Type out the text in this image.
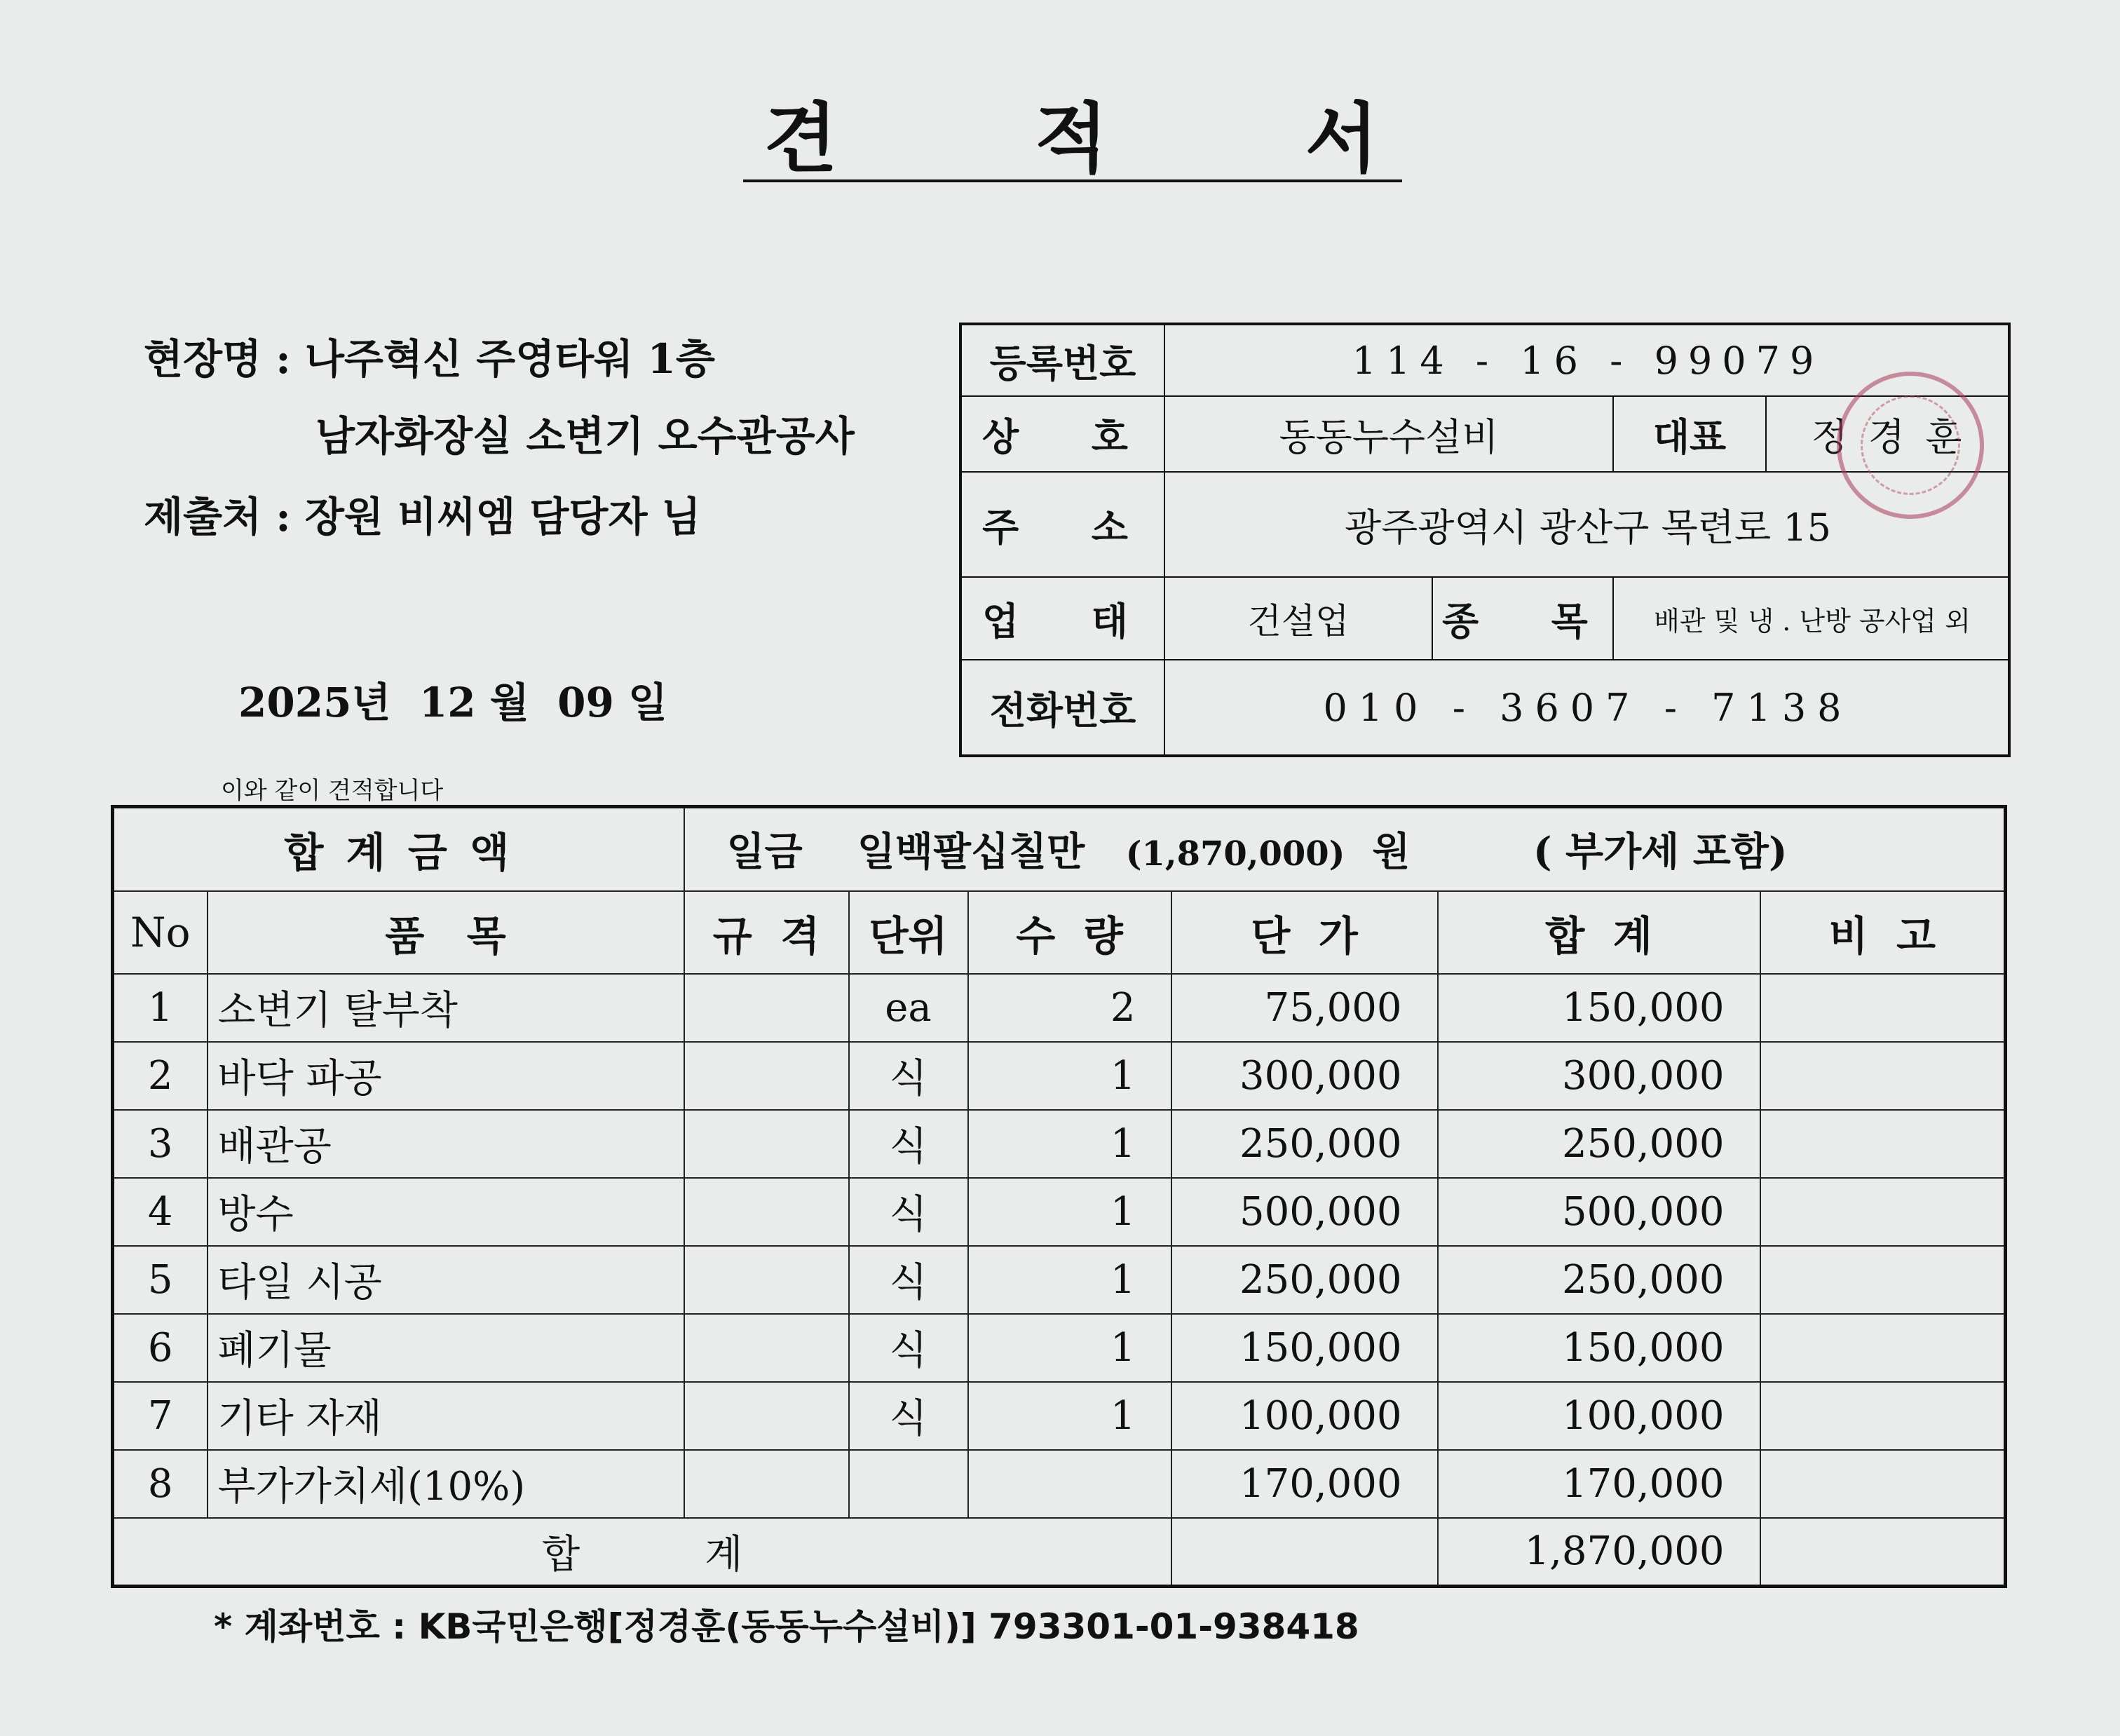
견	적	서
현장명 : 나주혁신 주영타워 1층
남자화장실 소변기 오수관공사
제출처 : 장원 비씨엠 담당자 님
2025년  12 월  09 일
이와 같이 견적합니다
등록번호	114 - 16 - 99079
상  호	동동누수설비	대표	정 경 훈
주  소	광주광역시 광산구 목련로 15
업  태	건설업	종  목	배관 및 냉 . 난방 공사업 외
전화번호	010 - 3607 - 7138
합 계 금 액		일금 일백팔십칠만 (1,870,000) 원 ( 부가세 포함)					
No	품   목	규  격	단위	수  량	단  가	합  계	비  고
1	소변기 탈부착		ea	2	75,000	150,000	
2	바닥 파공		식	1	300,000	300,000	
3	배관공		식	1	250,000	250,000	
4	방수		식	1	500,000	500,000	
5	타일 시공		식	1	250,000	250,000	
6	폐기물		식	1	150,000	150,000	
7	기타 자재		식	1	100,000	100,000	
8	부가가치세(10%)				170,000	170,000	
합          계						1,870,000	
* 계좌번호 : KB국민은행[정경훈(동동누수설비)] 793301-01-938418
